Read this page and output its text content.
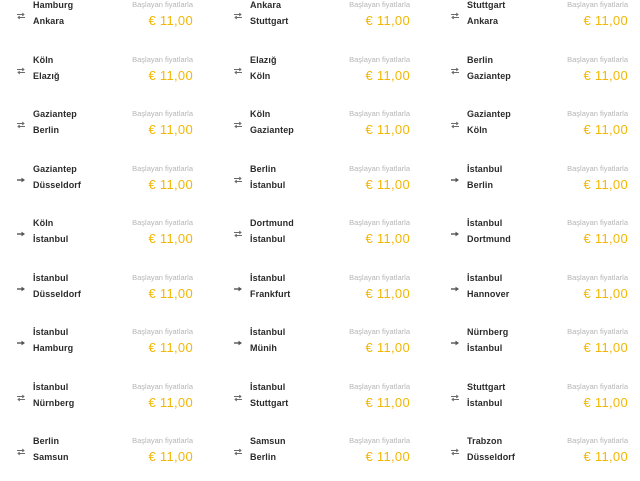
Hamburg
Ankara
Başlayan fiyatlarla
€ 11,00
Ankara
Stuttgart
Başlayan fiyatlarla
€ 11,00
Stuttgart
Ankara
Başlayan fiyatlarla
€ 11,00
Köln
Elazığ
Başlayan fiyatlarla
€ 11,00
Elazığ
Köln
Başlayan fiyatlarla
€ 11,00
Berlin
Gaziantep
Başlayan fiyatlarla
€ 11,00
Gaziantep
Berlin
Başlayan fiyatlarla
€ 11,00
Köln
Gaziantep
Başlayan fiyatlarla
€ 11,00
Gaziantep
Köln
Başlayan fiyatlarla
€ 11,00
Gaziantep
Düsseldorf
Başlayan fiyatlarla
€ 11,00
Berlin
İstanbul
Başlayan fiyatlarla
€ 11,00
İstanbul
Berlin
Başlayan fiyatlarla
€ 11,00
Köln
İstanbul
Başlayan fiyatlarla
€ 11,00
Dortmund
İstanbul
Başlayan fiyatlarla
€ 11,00
İstanbul
Dortmund
Başlayan fiyatlarla
€ 11,00
İstanbul
Düsseldorf
Başlayan fiyatlarla
€ 11,00
İstanbul
Frankfurt
Başlayan fiyatlarla
€ 11,00
İstanbul
Hannover
Başlayan fiyatlarla
€ 11,00
İstanbul
Hamburg
Başlayan fiyatlarla
€ 11,00
İstanbul
Münih
Başlayan fiyatlarla
€ 11,00
Nürnberg
İstanbul
Başlayan fiyatlarla
€ 11,00
İstanbul
Nürnberg
Başlayan fiyatlarla
€ 11,00
İstanbul
Stuttgart
Başlayan fiyatlarla
€ 11,00
Stuttgart
İstanbul
Başlayan fiyatlarla
€ 11,00
Berlin
Samsun
Başlayan fiyatlarla
€ 11,00
Samsun
Berlin
Başlayan fiyatlarla
€ 11,00
Trabzon
Düsseldorf
Başlayan fiyatlarla
€ 11,00
